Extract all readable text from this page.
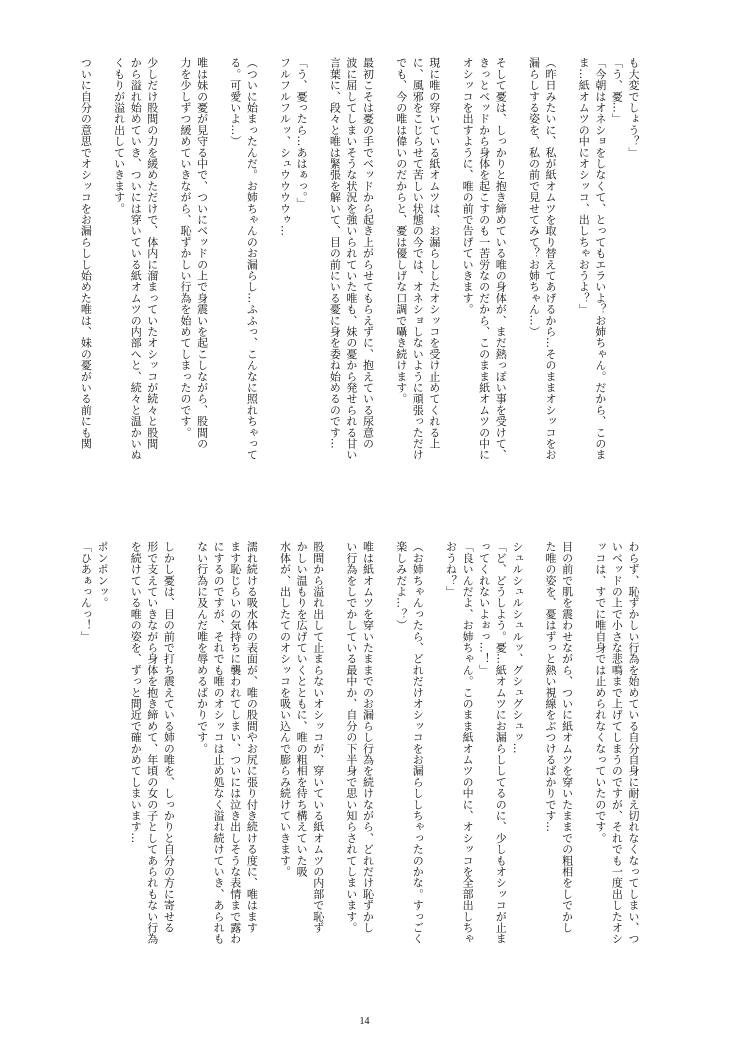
も大変でしょう？」
「う、憂…」
「今朝はオネショをしなくて、とってもエラいよ？お姉ちゃん。だから、このま
ま…紙オムツの中にオシッコ、出しちゃおうよ？」
（昨日みたいに、私が紙オムツを取り替えてあげるから…そのままオシッコをお
漏らしする姿を、私の前で見せてみて？お姉ちゃん…）
そして憂は、しっかりと抱き締めている唯の身体が、まだ熱っぽい事を受けて、
きっとベッドから身体を起こすのも一苦労なのだから、このまま紙オムツの中に
オシッコを出すように、唯の前で告げていきます。
現に唯の穿いている紙オムツは、お漏らししたオシッコを受け止めてくれる上
に、風邪をこじらせて苦しい状態の今では、オネショしないように頑張っただけ
でも、今の唯は偉いのだからと、憂は優しげな口調で囁き続けます。
最初こそは憂の手でベッドから起き上がらせてもらえずに、抱えている尿意の
波に屈してしまいそうな状況を強いられていた唯も、妹の憂から発せられる甘い
言葉に、段々と唯は緊張を解いて、目の前にいる憂に身を委ね始めるのです…
「う、憂ったら…あはぁっ。」
フルフルフルッ、シュウウウウゥ…
（ついに始まったんだ。お姉ちゃんのお漏らし…ふふっ、こんなに照れちゃって
る。可愛いよ…）
唯は妹の憂が見守る中で、ついにベッドの上で身震いを起こしながら、股間の
力を少しずつ緩めていきながら、恥ずかしい行為を始めてしまったのです。
少しだけ股間の力を緩めただけで、体内に溜まっていたオシッコが続々と股間
から溢れ始めていき、ついには穿いている紙オムツの内部へと、続々と温かいぬ
くもりが溢れ出していきます。
ついに自分の意思でオシッコをお漏らしし始めた唯は、妹の憂がいる前にも関
わらず、恥ずかしい行為を始めている自分自身に耐え切れなくなってしまい、つ
いベッドの上で小さな悲鳴まで上げてしまうのですが、それでも一度出したオシ
ッコは、すでに唯自身では止められなくなっていたのです。
目の前で肌を震わせながら、ついに紙オムツを穿いたままでの粗相をしでかし
た唯の姿を、憂はずっと熱い視線をぶつけるばかりです…
シュルシュルシュルッ、グシュグシュッ…
「ど、どうしよう。憂…紙オムツにお漏らししてるのに、少しもオシッコが止ま
ってくれないよぉっ…！」
「良いんだよ、お姉ちゃん。このまま紙オムツの中に、オシッコを全部出しちゃ
おうね？」
（お姉ちゃんったら、どれだけオシッコをお漏らししちゃったのかな。すっごく
楽しみだよ…？）
唯は紙オムツを穿いたままでのお漏らし行為を続けながら、どれだけ恥ずかし
い行為をしでかしている最中か、自分の下半身で思い知らされてしまいます。
股間から溢れ出して止まらないオシッコが、穿いている紙オムツの内部で恥ず
かしい温もりを広げていくとともに、唯の粗相を待ち構えていた吸
水体が、出したてのオシッコを吸い込んで膨らみ続けていきます。
濡れ続ける吸水体の表面が、唯の股間やお尻に張り付き続ける度に、唯はます
ます恥じらいの気持ちに襲われてしまい、ついには泣き出しそうな表情まで露わ
にするのですが、それでも唯のオシッコは止め処なく溢れ続けていき、あられも
ない行為に及んだ唯を辱めるばかりです。
しかし憂は、目の前で打ち震えている姉の唯を、しっかりと自分の方に寄せる
形で支えていきながら身体を抱き締めて、年頃の女の子としてあられもない行為
を続けている唯の姿を、ずっと間近で確かめてしまいます…
ポンポンッ。
「ひあぁっんっ！」
14
